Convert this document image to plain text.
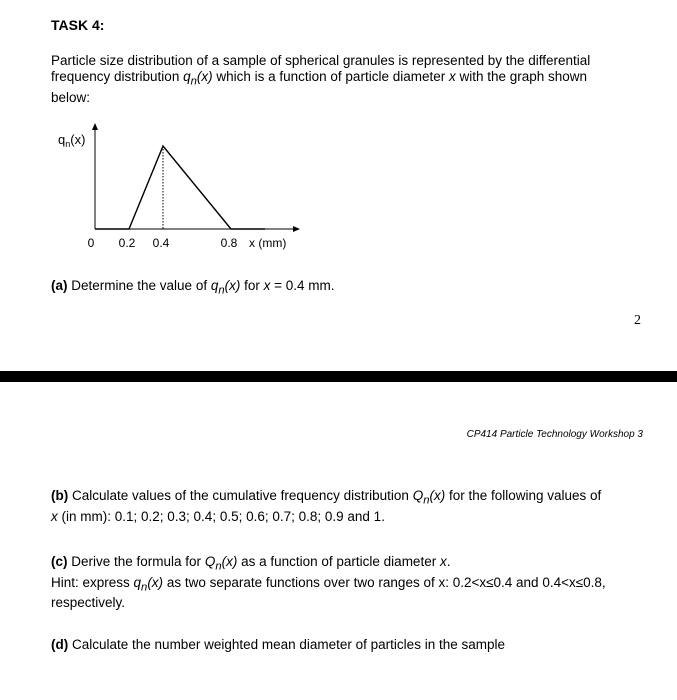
TASK 4:
Particle size distribution of a sample of spherical granules is represented by the differential
frequency distribution $q_n(x)$ which is a function of particle diameter x with the graph shown
below:
$q_n(x)$
0 0.2 0.4	0.8 x (mm)
(a) Determine the value of $q_n(x)$ for x = 0.4 mm.
2
CP414 Particle Technology Workshop 3
(b) Calculate values of the cumulative frequency distribution $Q_n(x)$ for the following values of
x (in mm): 0.1; 0.2; 0.3; 0.4; 0.5; 0.6; 0.7; 0.8; 0.9 and 1.
(c) Derive the formula for $Q_n(x)$ as a function of particle diameter x.
Hint: express $q_n(x)$ as two separate functions over two ranges of x: 0.2<x≤0.4 and 0.4<x≤0.8,
respectively.
(d) Calculate the number weighted mean diameter of particles in the sample
